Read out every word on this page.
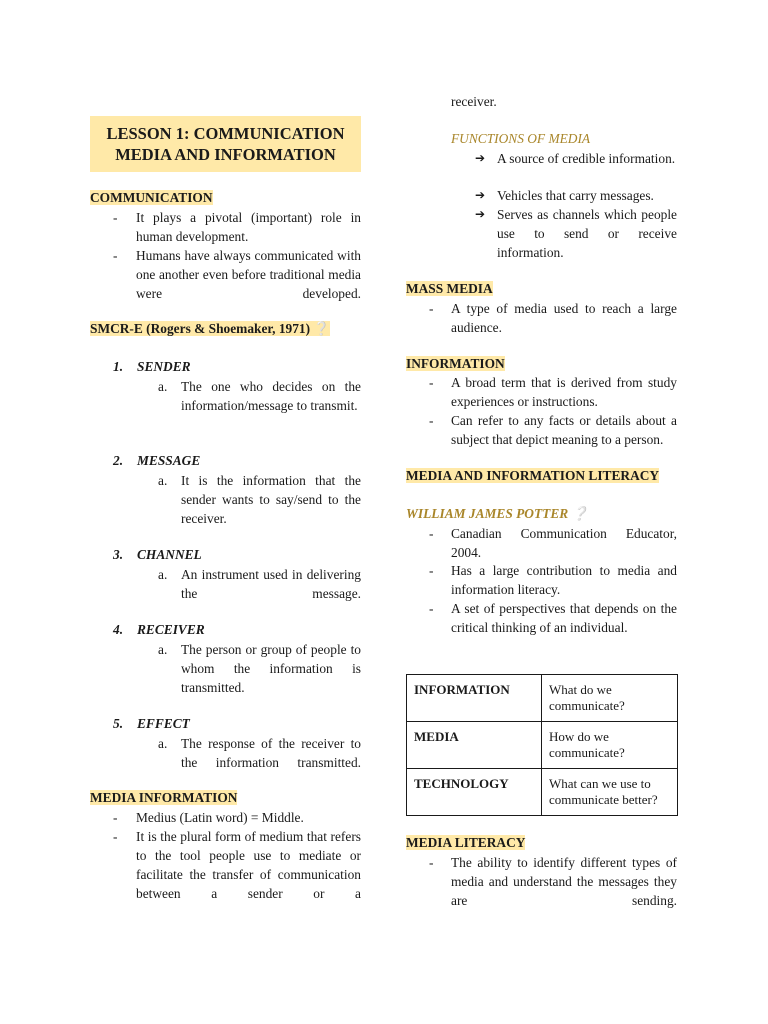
LESSON 1: COMMUNICATION
MEDIA AND INFORMATION
COMMUNICATION
- It plays a pivotal (important) role in human development.
- Humans have always communicated with one another even before traditional media were developed.
SMCR-E (Rogers & Shoemaker, 1971) ❔
1. SENDER
a. The one who decides on the information/message to transmit.
2. MESSAGE
a. It is the information that the sender wants to say/send to the receiver.
3. CHANNEL
a. An instrument used in delivering the message.
4. RECEIVER
a. The person or group of people to whom the information is transmitted.
5. EFFECT
a. The response of the receiver to the information transmitted.
MEDIA INFORMATION
- Medius (Latin word) = Middle.
- It is the plural form of medium that refers to the tool people use to mediate or facilitate the transfer of communication between a sender or a
receiver.
FUNCTIONS OF MEDIA
➔ A source of credible information.
➔ Vehicles that carry messages.
➔ Serves as channels which people use to send or receive information.
MASS MEDIA
- A type of media used to reach a large audience.
INFORMATION
- A broad term that is derived from study experiences or instructions.
- Can refer to any facts or details about a subject that depict meaning to a person.
MEDIA AND INFORMATION LITERACY
WILLIAM JAMES POTTER ❔
- Canadian Communication Educator, 2004.
- Has a large contribution to media and information literacy.
- A set of perspectives that depends on the critical thinking of an individual.
INFORMATION	What do we communicate?
MEDIA	How do we communicate?
TECHNOLOGY	What can we use to communicate better?
MEDIA LITERACY
- The ability to identify different types of media and understand the messages they are sending.
